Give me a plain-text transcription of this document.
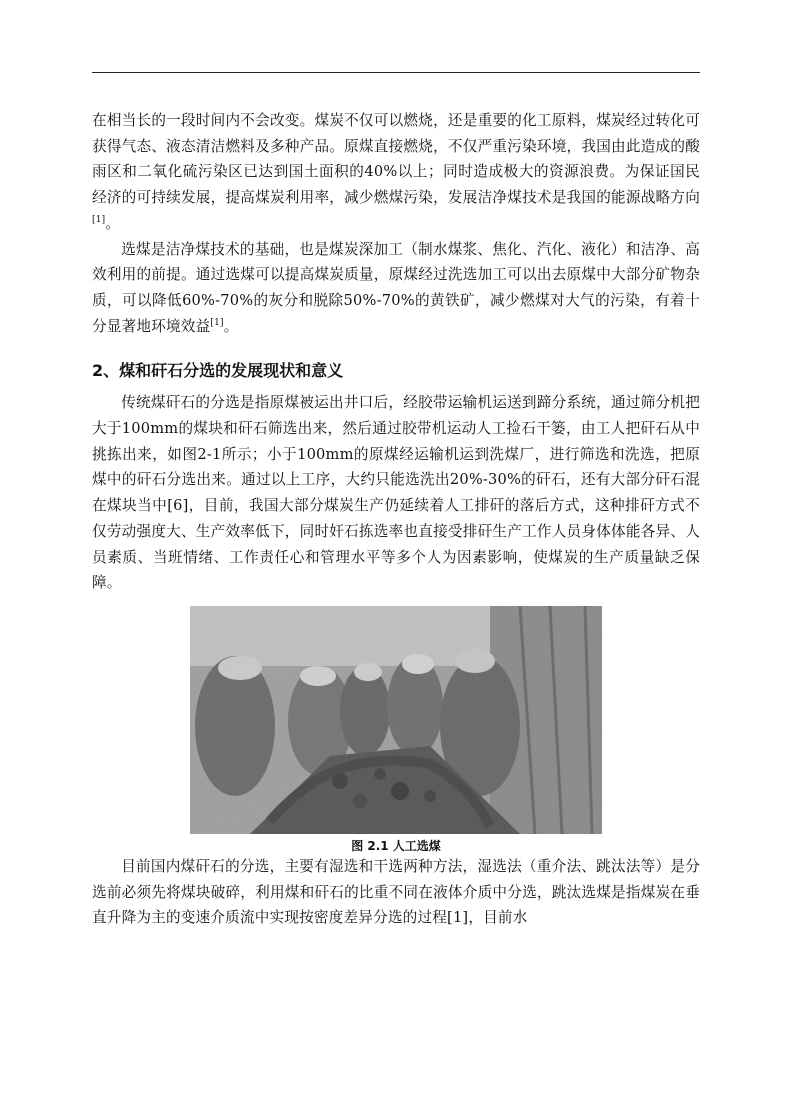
在相当长的一段时间内不会改变。煤炭不仅可以燃烧，还是重要的化工原料，煤炭经过转化可获得气态、液态清洁燃料及多种产品。原煤直接燃烧，不仅严重污染环境，我国由此造成的酸雨区和二氧化硫污染区已达到国土面积的40%以上；同时造成极大的资源浪费。为保证国民经济的可持续发展，提高煤炭利用率，减少燃煤污染，发展洁净煤技术是我国的能源战略方向[1]。

选煤是洁净煤技术的基础，也是煤炭深加工（制水煤浆、焦化、汽化、液化）和洁净、高效利用的前提。通过选煤可以提高煤炭质量，原煤经过洗选加工可以出去原煤中大部分矿物杂质，可以降低60%-70%的灰分和脱除50%-70%的黄铁矿，减少燃煤对大气的污染，有着十分显著地环境效益[1]。

2、煤和矸石分选的发展现状和意义

传统煤矸石的分选是指原煤被运出井口后，经胶带运输机运送到蹄分系统，通过筛分机把大于100mm的煤块和矸石筛选出来，然后通过胶带机运动人工捡石干篓，由工人把矸石从中挑拣出来，如图2-1所示；小于100mm的原煤经运输机运到洗煤厂，进行筛选和洗选，把原煤中的矸石分选出来。通过以上工序，大约只能选洗出20%-30%的矸石，还有大部分矸石混在煤块当中[6]，目前，我国大部分煤炭生产仍延续着人工排矸的落后方式，这种排矸方式不仅劳动强度大、生产效率低下，同时奸石拣选率也直接受排矸生产工作人员身体体能各异、人员素质、当班情绪、工作责任心和管理水平等多个人为因素影响，使煤炭的生产质量缺乏保障。

图 2.1 人工选煤

目前国内煤矸石的分选，主要有湿选和干选两种方法，湿选法（重介法、跳汰法等）是分选前必须先将煤块破碎，利用煤和矸石的比重不同在液体介质中分选，跳汰选煤是指煤炭在垂直升降为主的变速介质流中实现按密度差异分选的过程[1]，目前水
